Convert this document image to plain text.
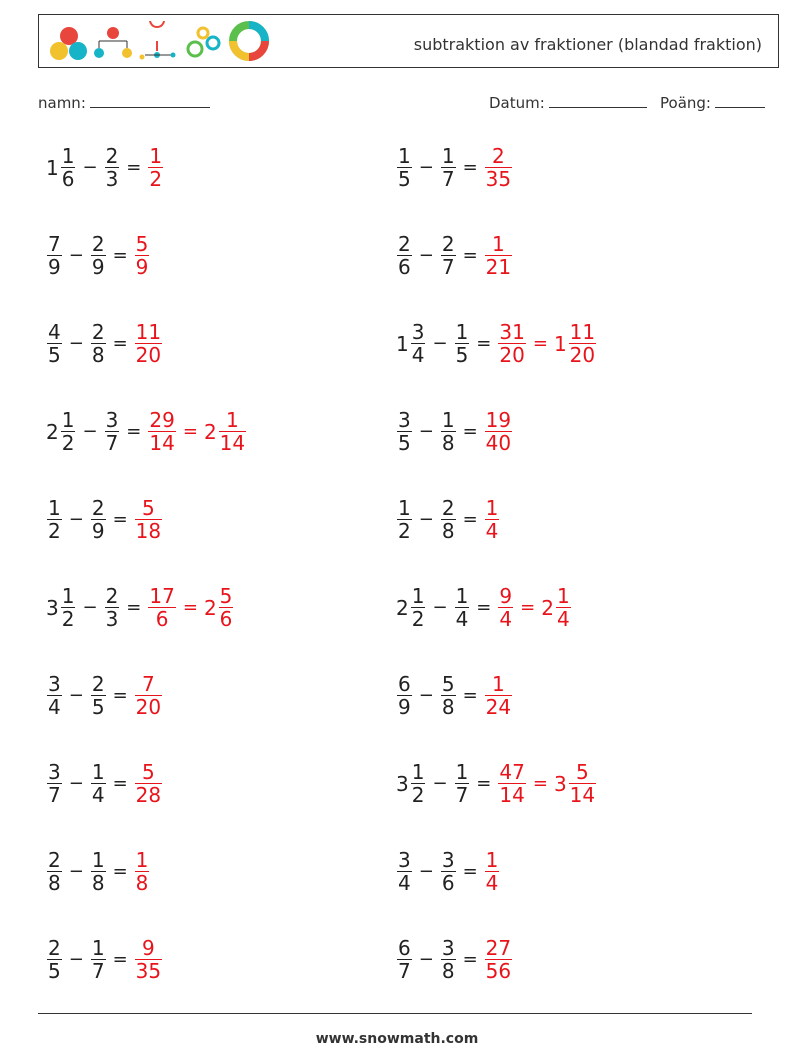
subtraktion av fraktioner (blandad fraktion)
namn:	Datum:	Poäng:
$1 \frac{1}{6} - \frac{2}{3} = \frac{1}{2}$	$\frac{1}{5} - \frac{1}{7} = \frac{2}{35}$
$\frac{7}{9} - \frac{2}{9} = \frac{5}{9}$	$\frac{2}{6} - \frac{2}{7} = \frac{1}{21}$
$\frac{4}{5} - \frac{2}{8} = \frac{11}{20}$	$1 \frac{3}{4} - \frac{1}{5} = \frac{31}{20} = 1 \frac{11}{20}$
$2 \frac{1}{2} - \frac{3}{7} = \frac{29}{14} = 2 \frac{1}{14}$	$\frac{3}{5} - \frac{1}{8} = \frac{19}{40}$
$\frac{1}{2} - \frac{2}{9} = \frac{5}{18}$	$\frac{1}{2} - \frac{2}{8} = \frac{1}{4}$
$3 \frac{1}{2} - \frac{2}{3} = \frac{17}{6} = 2 \frac{5}{6}$	$2 \frac{1}{2} - \frac{1}{4} = \frac{9}{4} = 2 \frac{1}{4}$
$\frac{3}{4} - \frac{2}{5} = \frac{7}{20}$	$\frac{6}{9} - \frac{5}{8} = \frac{1}{24}$
$\frac{3}{7} - \frac{1}{4} = \frac{5}{28}$	$3 \frac{1}{2} - \frac{1}{7} = \frac{47}{14} = 3 \frac{5}{14}$
$\frac{2}{8} - \frac{1}{8} = \frac{1}{8}$	$\frac{3}{4} - \frac{3}{6} = \frac{1}{4}$
$\frac{2}{5} - \frac{1}{7} = \frac{9}{35}$	$\frac{6}{7} - \frac{3}{8} = \frac{27}{56}$
www.snowmath.com
